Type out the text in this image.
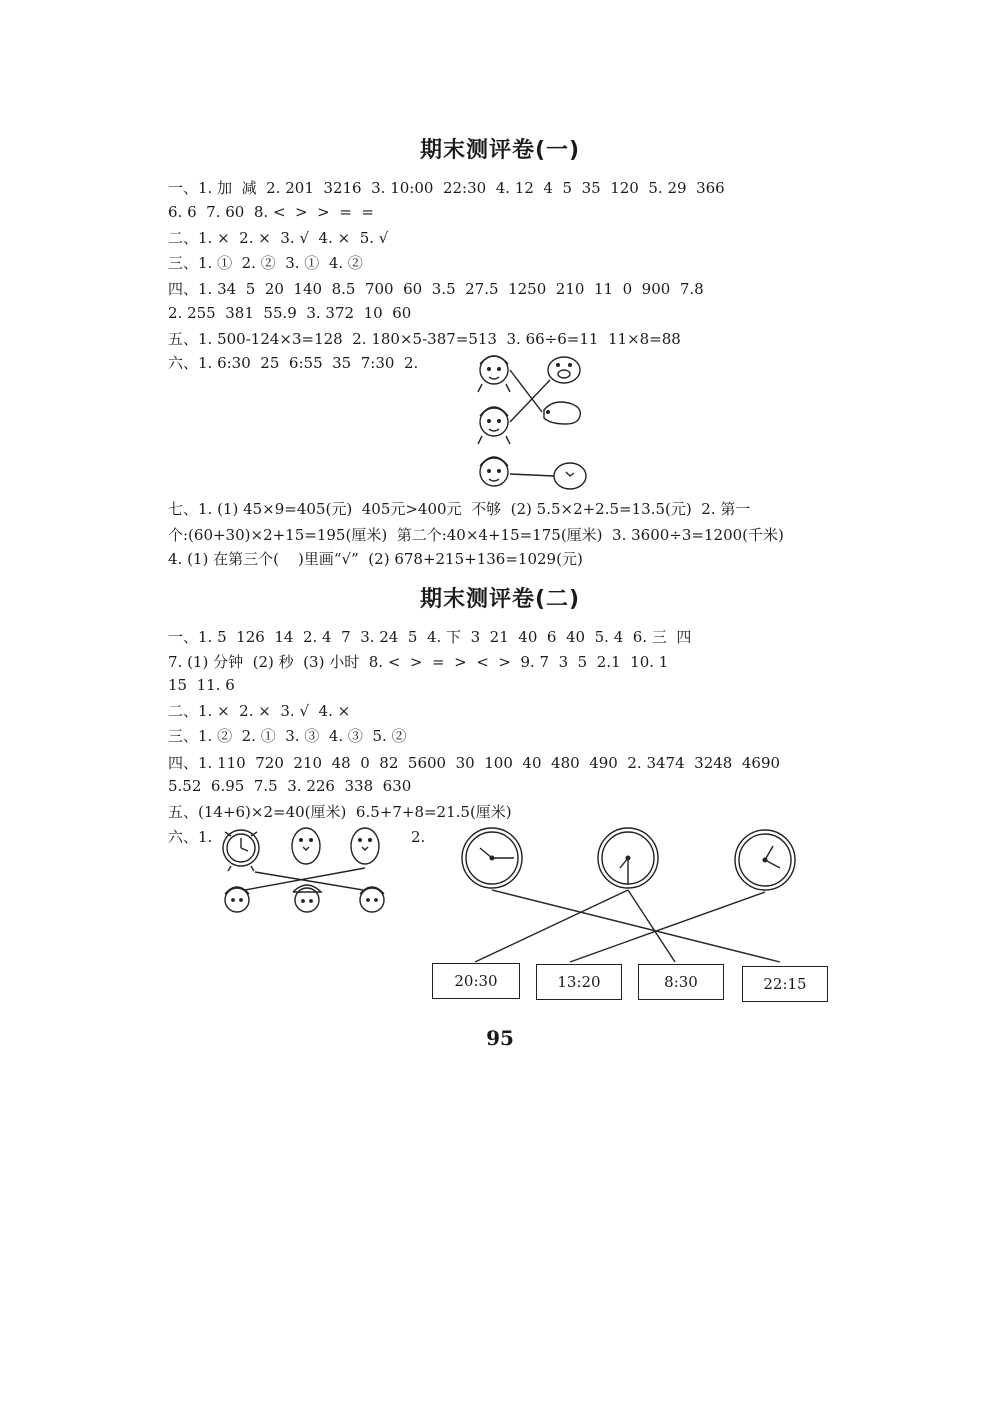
期末测评卷(一)
一、1. 加  减  2. 201  3216  3. 10:00  22:30  4. 12  4  5  35  120  5. 29  366
6. 6  7. 60  8. <  >  >  =  =
二、1. ×  2. ×  3. √  4. ×  5. √
三、1. ①  2. ②  3. ①  4. ②
四、1. 34  5  20  140  8.5  700  60  3.5  27.5  1250  210  11  0  900  7.8
2. 255  381  55.9  3. 372  10  60
五、1. 500-124×3=128  2. 180×5-387=513  3. 66÷6=11  11×8=88
六、1. 6:30  25  6:55  35  7:30  2.
七、1. (1) 45×9=405(元)  405元>400元  不够  (2) 5.5×2+2.5=13.5(元)  2. 第一
个:(60+30)×2+15=195(厘米)  第二个:40×4+15=175(厘米)  3. 3600÷3=1200(千米)
4. (1) 在第三个(    )里画“√”  (2) 678+215+136=1029(元)
期末测评卷(二)
一、1. 5  126  14  2. 4  7  3. 24  5  4. 下  3  21  40  6  40  5. 4  6. 三  四
7. (1) 分钟  (2) 秒  (3) 小时  8. <  >  =  >  <  >  9. 7  3  5  2.1  10. 1
15  11. 6
二、1. ×  2. ×  3. √  4. ×
三、1. ②  2. ①  3. ③  4. ③  5. ②
四、1. 110  720  210  48  0  82  5600  30  100  40  480  490  2. 3474  3248  4690
5.52  6.95  7.5  3. 226  338  630
五、(14+6)×2=40(厘米)  6.5+7+8=21.5(厘米)
六、1.	2.
20:30	13:20	8:30	22:15
95
